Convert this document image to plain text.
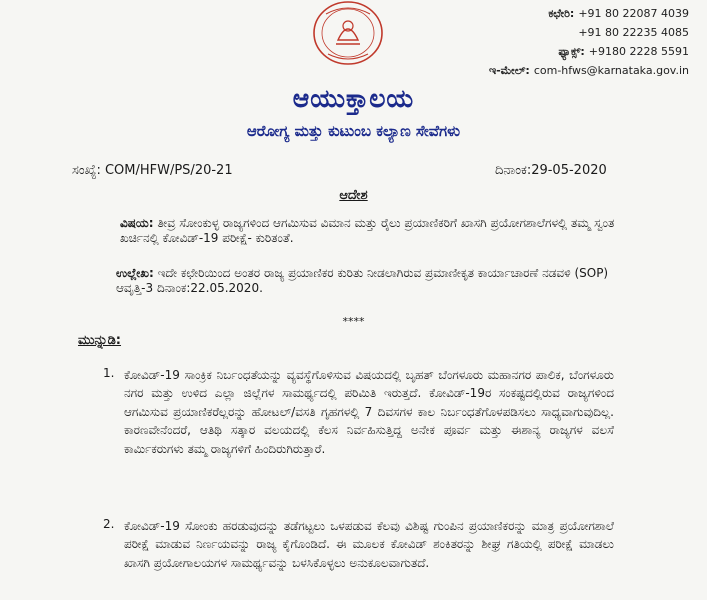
ಕಛೇರಿ: +91 80 22087 4039
+91 80 22235 4085
ಫ್ಯಾಕ್ಸ್: +9180 2228 5591
ಇ-ಮೇಲ್: com-hfws@karnataka.gov.in
ಆಯುಕ್ತಾಲಯ
ಆರೋಗ್ಯ ಮತ್ತು ಕುಟುಂಬ ಕಲ್ಯಾಣ ಸೇವೆಗಳು
ಸಂಖ್ಯೆ: COM/HFW/PS/20-21	ದಿನಾಂಕ:29-05-2020
ಆದೇಶ
ವಿಷಯ: ತೀವ್ರ ಸೋಂಕುಳ್ಳ ರಾಜ್ಯಗಳಿಂದ ಆಗಮಿಸುವ ವಿಮಾನ ಮತ್ತು ರೈಲು ಪ್ರಯಾಣಿಕರಿಗೆ ಖಾಸಗಿ ಪ್ರಯೋಗಶಾಲೆಗಳಲ್ಲಿ ತಮ್ಮ ಸ್ವಂತ ಖರ್ಚಿನಲ್ಲಿ ಕೋವಿಡ್-19 ಪರೀಕ್ಷೆ- ಕುರಿತಂತೆ.
ಉಲ್ಲೇಖ: ಇದೇ ಕಛೇರಿಯಿಂದ ಅಂತರ ರಾಜ್ಯ ಪ್ರಯಾಣಿಕರ ಕುರಿತು ನೀಡಲಾಗಿರುವ ಪ್ರಮಾಣೀಕೃತ ಕಾರ್ಯಾಚಾರಣೆ ನಡವಳಿ (SOP) ಆವೃತ್ತಿ-3 ದಿನಾಂಕ:22.05.2020.
****
ಮುನ್ನುಡಿ:
1. ಕೋವಿಡ್-19 ಸಾಂಕ್ರಿಕ ನಿರ್ಬಂಧತೆಯನ್ನು ವ್ಯವಸ್ಥೆಗೊಳಿಸುವ ವಿಷಯದಲ್ಲಿ ಬೃಹತ್ ಬೆಂಗಳೂರು ಮಹಾನಗರ ಪಾಲಿಕ, ಬೆಂಗಳೂರು ನಗರ ಮತ್ತು ಉಳಿದ ಎಲ್ಲಾ ಜಿಲ್ಲೆಗಳ ಸಾಮರ್ಥ್ಯದಲ್ಲಿ ಪರಿಮಿತಿ ಇರುತ್ತದೆ. ಕೋವಿಡ್-19ರ ಸಂಕಷ್ಟದಲ್ಲಿರುವ ರಾಜ್ಯಗಳಿಂದ ಆಗಮಿಸುವ ಪ್ರಯಾಣಿಕರೆಲ್ಲರನ್ನು ಹೋಟಲ್/ವಸತಿ ಗೃಹಗಳಲ್ಲಿ 7 ದಿವಸಗಳ ಕಾಲ ನಿರ್ಬಂಧತೆಗೊಳಪಡಿಸಲು ಸಾಧ್ಯವಾಗುವುದಿಲ್ಲ. ಕಾರಣವೇನೆಂದರೆ, ಆತಿಥಿ ಸತ್ಕಾರ ವಲಯದಲ್ಲಿ ಕೆಲಸ ನಿರ್ವಹಿಸುತ್ತಿದ್ದ ಅನೇಕ ಪೂರ್ವ ಮತ್ತು ಈಶಾನ್ಯ ರಾಜ್ಯಗಳ ವಲಸೆ ಕಾರ್ಮಿಕರುಗಳು ತಮ್ಮ ರಾಜ್ಯಗಳಿಗೆ ಹಿಂದಿರುಗಿರುತ್ತಾರೆ.
2. ಕೋವಿಡ್-19 ಸೋಂಕು ಹರಡುವುದನ್ನು ತಡೆಗಟ್ಟಲು ಒಳಪಡುವ ಕೆಲವು ವಿಶಿಷ್ಟ ಗುಂಪಿನ ಪ್ರಯಾಣಿಕರನ್ನು ಮಾತ್ರ ಪ್ರಯೋಗಶಾಲೆ ಪರೀಕ್ಷೆ ಮಾಡುವ ನಿರ್ಣಯವನ್ನು ರಾಜ್ಯ ಕೈಗೊಂಡಿದೆ. ಈ ಮೂಲಕ ಕೋವಿಡ್ ಶಂಕಿತರನ್ನು ಶೀಘ್ರ ಗತಿಯಲ್ಲಿ ಪರೀಕ್ಷೆ ಮಾಡಲು ಖಾಸಗಿ ಪ್ರಯೋಗಾಲಯಗಳ ಸಾಮರ್ಥ್ಯವನ್ನು ಬಳಸಿಕೊಳ್ಳಲು ಅನುಕೂಲವಾಗುತದೆ.
